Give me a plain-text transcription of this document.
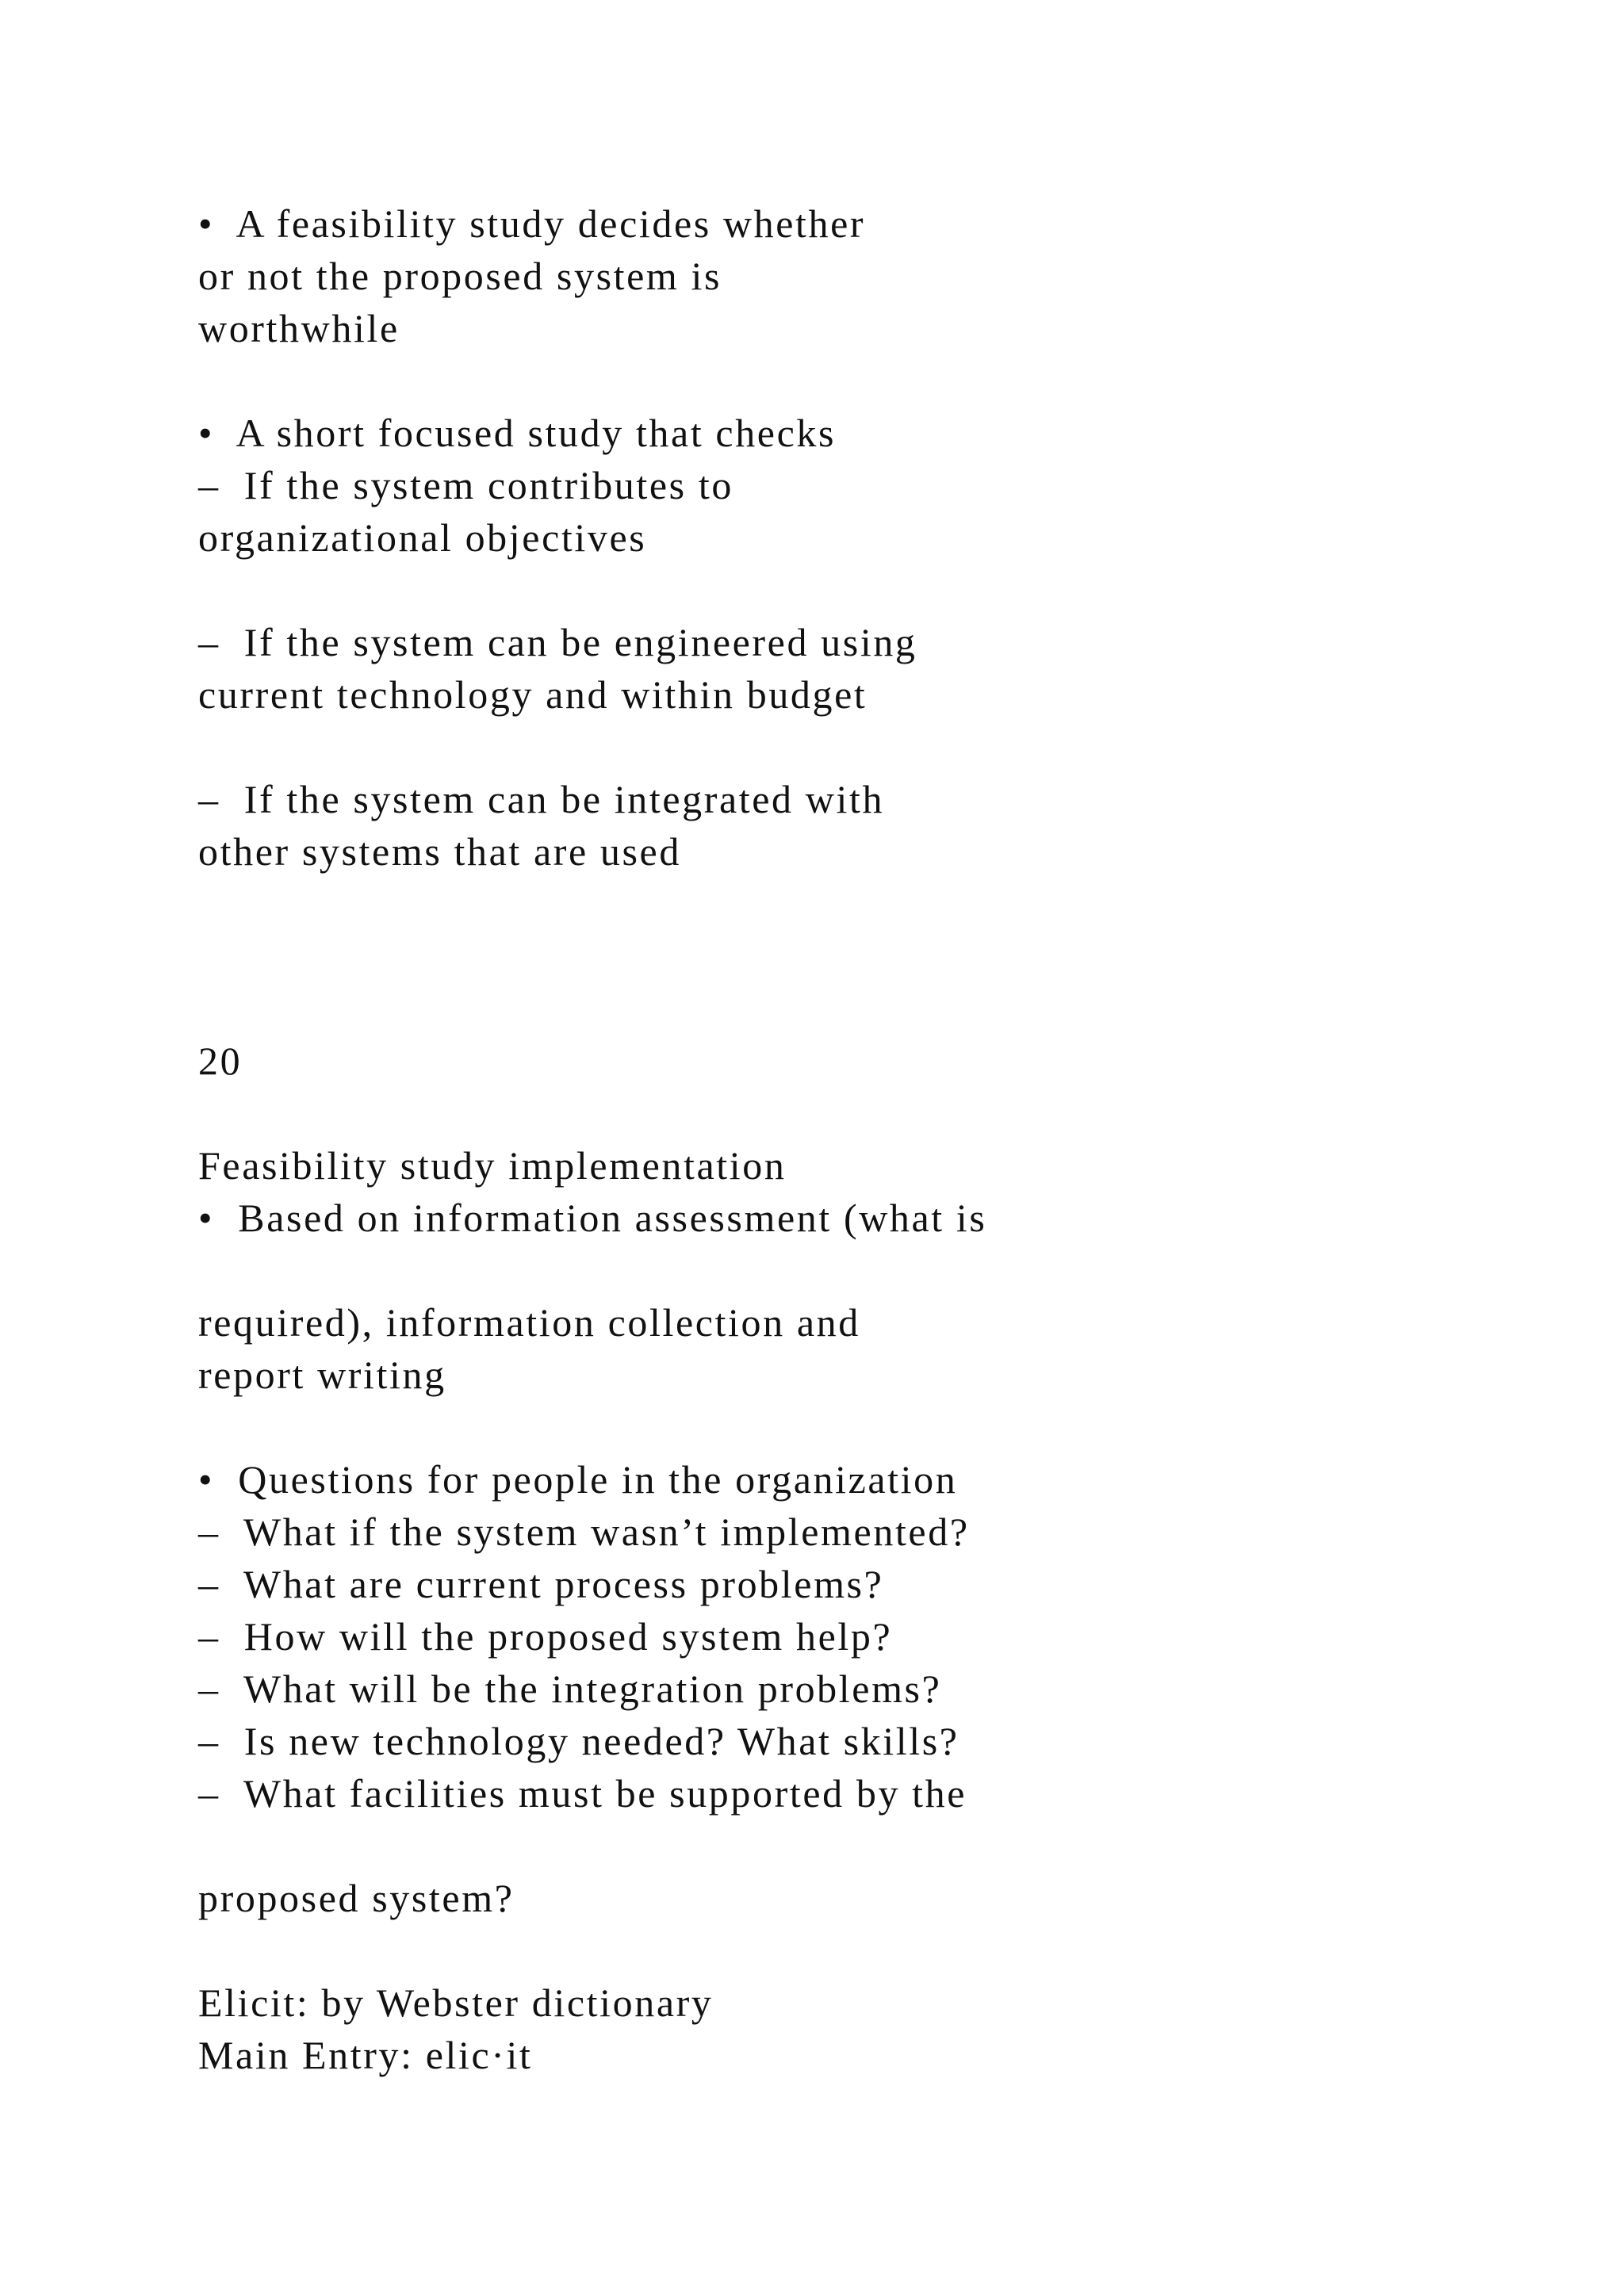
•  A feasibility study decides whether

or not the proposed system is

worthwhile

•  A short focused study that checks

–  If the system contributes to

organizational objectives

–  If the system can be engineered using

current technology and within budget

–  If the system can be integrated with

other systems that are used

20

Feasibility study implementation

•  Based on information assessment (what is

required), information collection and

report writing

•  Questions for people in the organization

–  What if the system wasn’t implemented?

–  What are current process problems?

–  How will the proposed system help?

–  What will be the integration problems?

–  Is new technology needed? What skills?

–  What facilities must be supported by the

proposed system?

Elicit: by Webster dictionary

Main Entry: elic·it
